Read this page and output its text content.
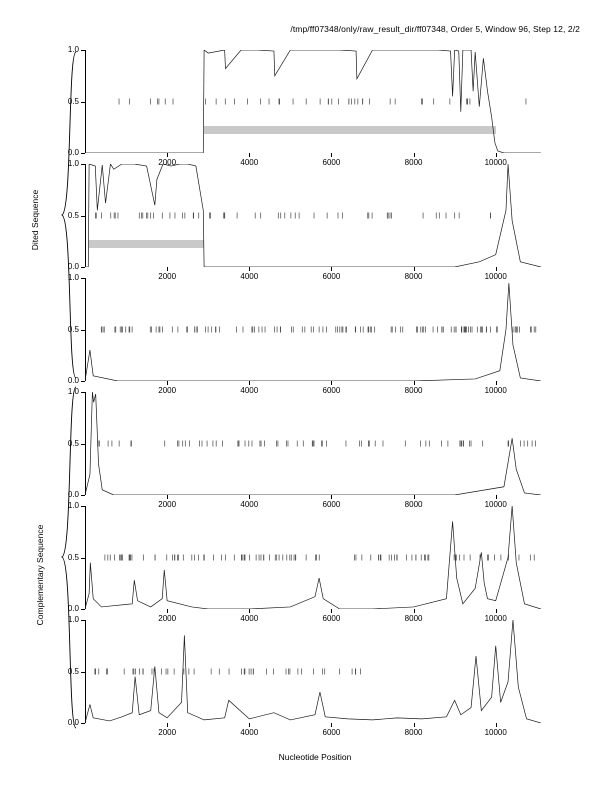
/tmp/ff07348/only/raw_result_dir/ff07348, Order 5, Window 96, Step 12, 2/2
0.0
0.5
1.0
2000	4000	6000	8000	10000
0.0
0.5
1.0
2000	4000	6000	8000	10000
0.0
0.5
1.0
2000	4000	6000	8000	10000
0.0
0.5
1.0
2000	4000	6000	8000	10000
0.0
0.5
1.0
2000	4000	6000	8000	10000
0.0
0.5
1.0
2000	4000	6000	8000	10000
Nucleotide Position
Dited Sequence
Complementary Sequence
